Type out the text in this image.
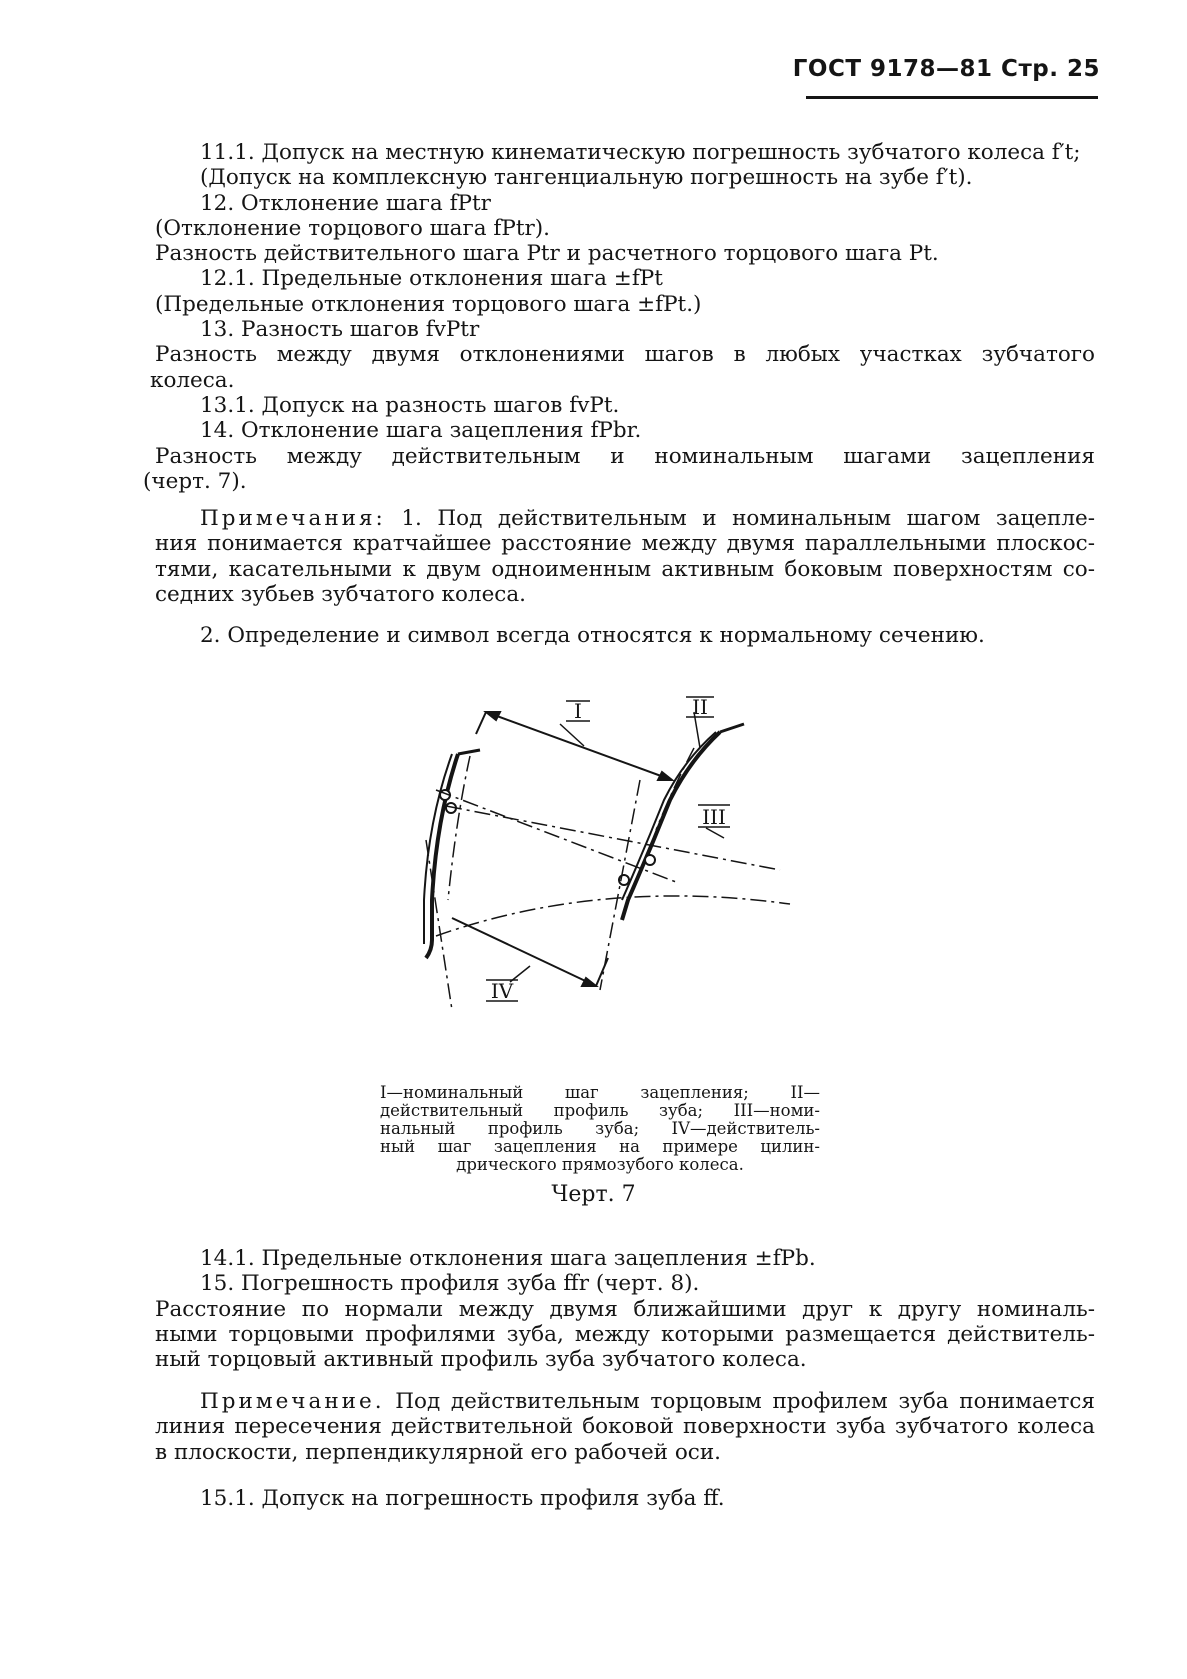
ГОСТ 9178—81 Стр. 25
11.1. Допуск на местную кинематическую погрешность зубчатого колеса f′t;
(Допуск на комплексную тангенциальную погрешность на зубе f′t).
12. Отклонение шага fPtr
(Отклонение торцового шага fPtr).
Разность действительного шага Ptr и расчетного торцового шага Pt.
12.1. Предельные отклонения шага ±fPt
(Предельные отклонения торцового шага ±fPt.)
13. Разность шагов fvPtr
Разность между двумя отклонениями шагов в любых участках зубчатого
колеса.
13.1. Допуск на разность шагов fvPt.
14. Отклонение шага зацепления fPbr.
Разность между действительным и номинальным шагами зацепления
(черт. 7).
Примечания: 1. Под действительным и номинальным шагом зацепле-
ния понимается кратчайшее расстояние между двумя параллельными плоскос-
тями, касательными к двум одноименным активным боковым поверхностям со-
седних зубьев зубчатого колеса.
2. Определение и символ всегда относятся к нормальному сечению.
I	II
III
IV
I—номинальный шаг зацепления; II—
действительный профиль зуба; III—номи-
нальный профиль зуба; IV—действитель-
ный шаг зацепления на примере цилин-
дрического прямозубого колеса.
Черт. 7
14.1. Предельные отклонения шага зацепления ±fPb.
15. Погрешность профиля зуба ffr (черт. 8).
Расстояние по нормали между двумя ближайшими друг к другу номиналь-
ными торцовыми профилями зуба, между которыми размещается действитель-
ный торцовый активный профиль зуба зубчатого колеса.
Примечание. Под действительным торцовым профилем зуба понимается
линия пересечения действительной боковой поверхности зуба зубчатого колеса
в плоскости, перпендикулярной его рабочей оси.
15.1. Допуск на погрешность профиля зуба ff.
